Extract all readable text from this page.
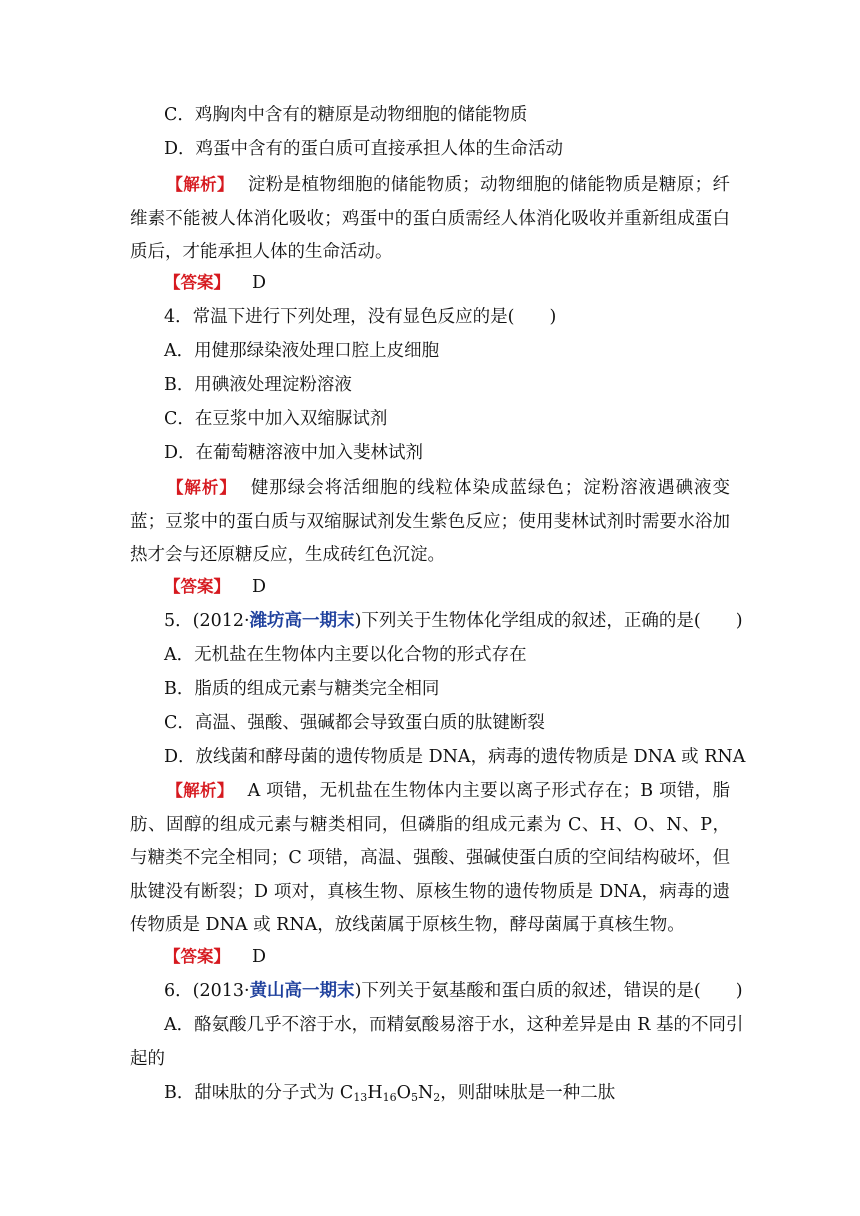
C．鸡胸肉中含有的糖原是动物细胞的储能物质
D．鸡蛋中含有的蛋白质可直接承担人体的生命活动
【解析】 淀粉是植物细胞的储能物质；动物细胞的储能物质是糖原；纤维素不能被人体消化吸收；鸡蛋中的蛋白质需经人体消化吸收并重新组成蛋白质后，才能承担人体的生命活动。
【答案】 D
4．常温下进行下列处理，没有显色反应的是(　　)
A．用健那绿染液处理口腔上皮细胞
B．用碘液处理淀粉溶液
C．在豆浆中加入双缩脲试剂
D．在葡萄糖溶液中加入斐林试剂
【解析】 健那绿会将活细胞的线粒体染成蓝绿色；淀粉溶液遇碘液变蓝；豆浆中的蛋白质与双缩脲试剂发生紫色反应；使用斐林试剂时需要水浴加热才会与还原糖反应，生成砖红色沉淀。
【答案】 D
5．(2012·潍坊高一期末)下列关于生物体化学组成的叙述，正确的是(　　)
A．无机盐在生物体内主要以化合物的形式存在
B．脂质的组成元素与糖类完全相同
C．高温、强酸、强碱都会导致蛋白质的肽键断裂
D．放线菌和酵母菌的遗传物质是 DNA，病毒的遗传物质是 DNA 或 RNA
【解析】 A 项错，无机盐在生物体内主要以离子形式存在；B 项错，脂肪、固醇的组成元素与糖类相同，但磷脂的组成元素为 C、H、O、N、P，与糖类不完全相同；C 项错，高温、强酸、强碱使蛋白质的空间结构破坏，但肽键没有断裂；D 项对，真核生物、原核生物的遗传物质是 DNA，病毒的遗传物质是 DNA 或 RNA，放线菌属于原核生物，酵母菌属于真核生物。
【答案】 D
6．(2013·黄山高一期末)下列关于氨基酸和蛋白质的叙述，错误的是(　　)
A．酪氨酸几乎不溶于水，而精氨酸易溶于水，这种差异是由 R 基的不同引
起的
B．甜味肽的分子式为 $C_{13}H_{16}O_5N_2$，则甜味肽是一种二肽
